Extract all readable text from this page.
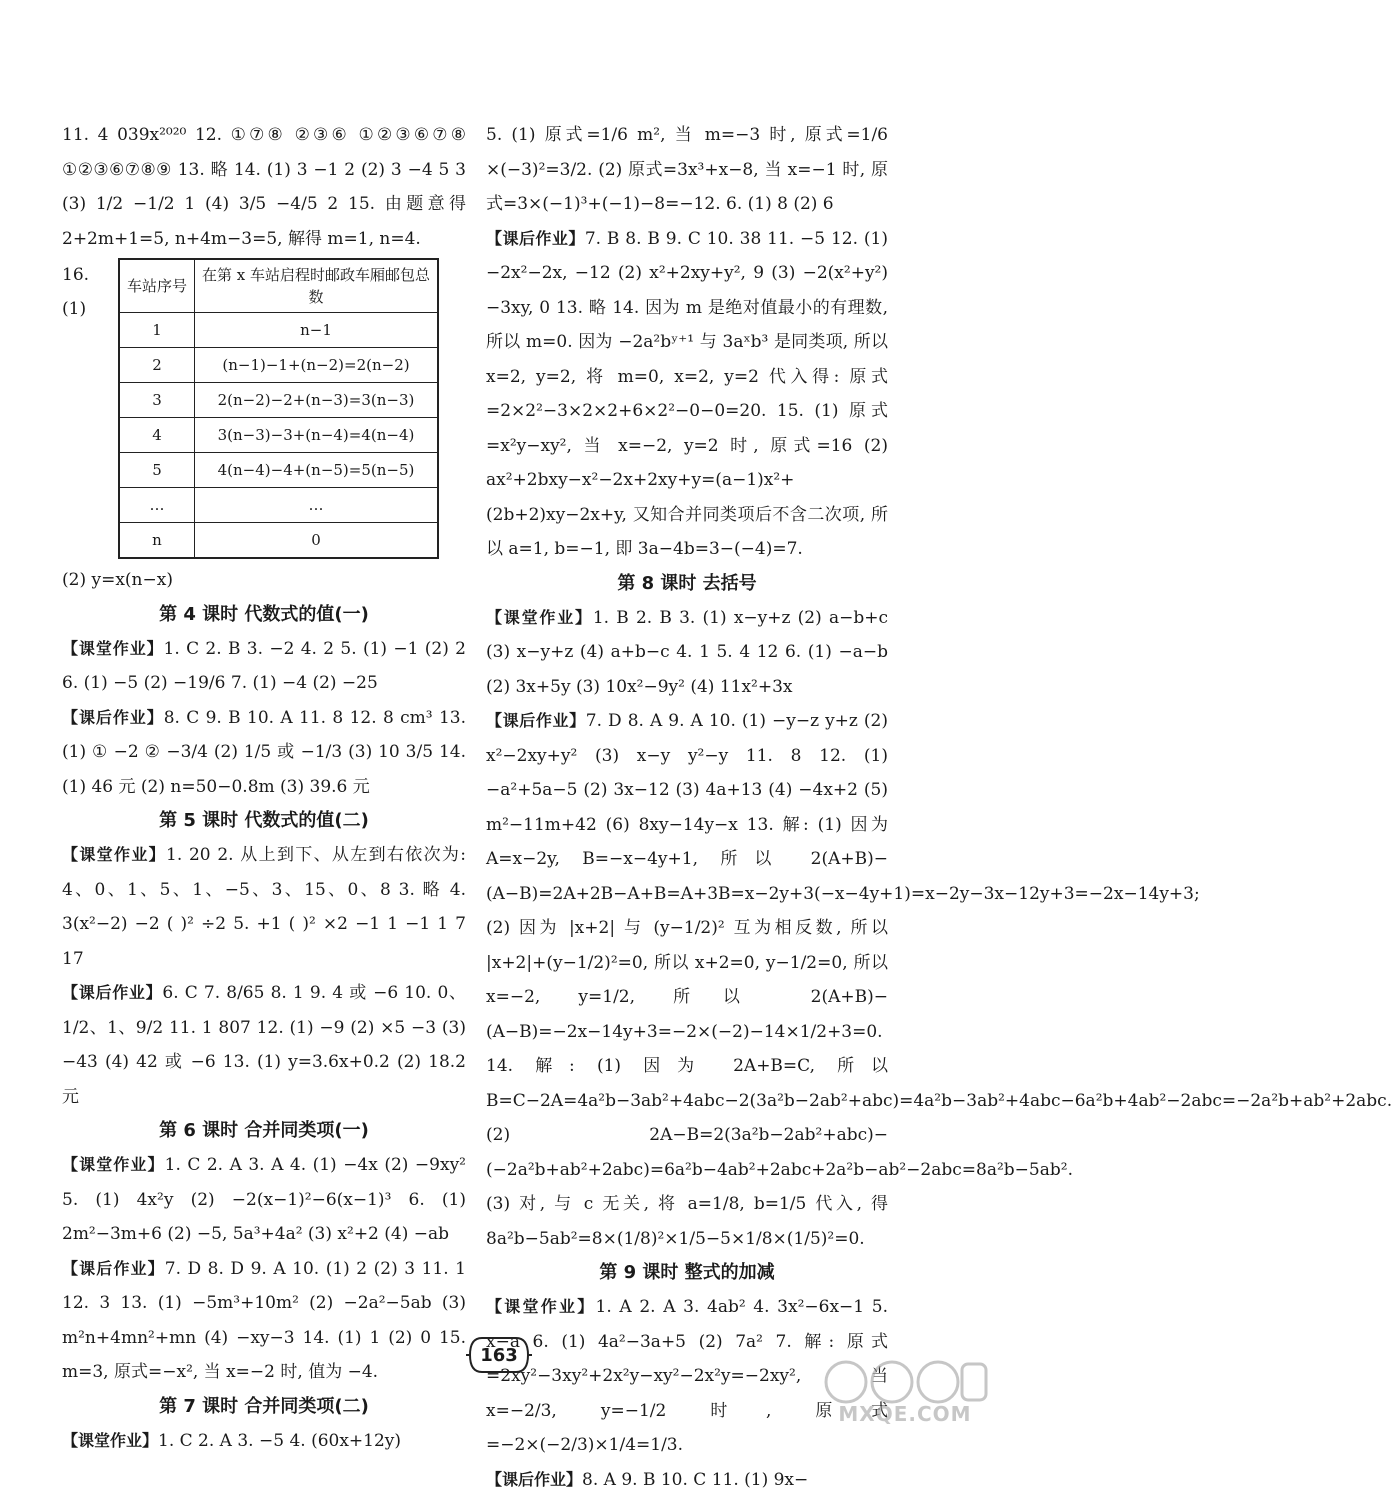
11. 4 039x²⁰²⁰ 12. ①⑦⑧ ②③⑥ ①②③⑥⑦⑧ ①②③⑥⑦⑧⑨ 13. 略 14. (1) 3 −1 2 (2) 3 −4 5 3 (3) 1/2 −1/2 1 (4) 3/5 −4/5 2 15. 由题意得 2+2m+1=5, n+4m−3=5, 解得 m=1, n=4.

16. (1)
车站序号	在第 x 车站启程时邮政车厢邮包总数
1	n−1
2	(n−1)−1+(n−2)=2(n−2)
3	2(n−2)−2+(n−3)=3(n−3)
4	3(n−3)−3+(n−4)=4(n−4)
5	4(n−4)−4+(n−5)=5(n−5)
…	…
n	0

(2) y=x(n−x)

第 4 课时 代数式的值(一)

【课堂作业】1. C 2. B 3. −2 4. 2 5. (1) −1 (2) 2 6. (1) −5 (2) −19/6 7. (1) −4 (2) −25

【课后作业】8. C 9. B 10. A 11. 8 12. 8 cm³ 13. (1) ① −2 ② −3/4 (2) 1/5 或 −1/3 (3) 10 3/5 14. (1) 46 元 (2) n=50−0.8m (3) 39.6 元

第 5 课时 代数式的值(二)

【课堂作业】1. 20 2. 从上到下、从左到右依次为: 4、0、1、5、1、−5、3、15、0、8 3. 略 4. 3(x²−2) −2 ( )² ÷2 5. +1 ( )² ×2 −1 1 −1 1 7 17

【课后作业】6. C 7. 8/65 8. 1 9. 4 或 −6 10. 0、1/2、1、9/2 11. 1 807 12. (1) −9 (2) ×5 −3 (3) −43 (4) 42 或 −6 13. (1) y=3.6x+0.2 (2) 18.2 元

第 6 课时 合并同类项(一)

【课堂作业】1. C 2. A 3. A 4. (1) −4x (2) −9xy² 5. (1) 4x²y (2) −2(x−1)²−6(x−1)³ 6. (1) 2m²−3m+6 (2) −5, 5a³+4a² (3) x²+2 (4) −ab

【课后作业】7. D 8. D 9. A 10. (1) 2 (2) 3 11. 1 12. 3 13. (1) −5m³+10m² (2) −2a²−5ab (3) m²n+4mn²+mn (4) −xy−3 14. (1) 1 (2) 0 15. m=3, 原式=−x², 当 x=−2 时, 值为 −4.

第 7 课时 合并同类项(二)

【课堂作业】1. C 2. A 3. −5 4. (60x+12y)

5. (1) 原式=1/6 m², 当 m=−3 时, 原式=1/6 ×(−3)²=3/2. (2) 原式=3x³+x−8, 当 x=−1 时, 原式=3×(−1)³+(−1)−8=−12. 6. (1) 8 (2) 6

【课后作业】7. B 8. B 9. C 10. 38 11. −5 12. (1) −2x²−2x, −12 (2) x²+2xy+y², 9 (3) −2(x²+y²)−3xy, 0 13. 略 14. 因为 m 是绝对值最小的有理数, 所以 m=0. 因为 −2a²bʸ⁺¹ 与 3aˣb³ 是同类项, 所以 x=2, y=2, 将 m=0, x=2, y=2 代入得: 原式=2×2²−3×2×2+6×2²−0−0=20. 15. (1) 原式=x²y−xy², 当 x=−2, y=2 时, 原式=16 (2) ax²+2bxy−x²−2x+2xy+y=(a−1)x²+(2b+2)xy−2x+y, 又知合并同类项后不含二次项, 所以 a=1, b=−1, 即 3a−4b=3−(−4)=7.

第 8 课时 去括号

【课堂作业】1. B 2. B 3. (1) x−y+z (2) a−b+c (3) x−y+z (4) a+b−c 4. 1 5. 4 12 6. (1) −a−b (2) 3x+5y (3) 10x²−9y² (4) 11x²+3x

【课后作业】7. D 8. A 9. A 10. (1) −y−z y+z (2) x²−2xy+y² (3) x−y y²−y 11. 8 12. (1) −a²+5a−5 (2) 3x−12 (3) 4a+13 (4) −4x+2 (5) m²−11m+42 (6) 8xy−14y−x 13. 解: (1) 因为 A=x−2y, B=−x−4y+1, 所以 2(A+B)−(A−B)=2A+2B−A+B=A+3B=x−2y+3(−x−4y+1)=x−2y−3x−12y+3=−2x−14y+3; (2) 因为 |x+2| 与 (y−1/2)² 互为相反数, 所以 |x+2|+(y−1/2)²=0, 所以 x+2=0, y−1/2=0, 所以 x=−2, y=1/2, 所以 2(A+B)−(A−B)=−2x−14y+3=−2×(−2)−14×1/2+3=0. 14. 解: (1) 因为 2A+B=C, 所以 B=C−2A=4a²b−3ab²+4abc−2(3a²b−2ab²+abc)=4a²b−3ab²+4abc−6a²b+4ab²−2abc=−2a²b+ab²+2abc. (2) 2A−B=2(3a²b−2ab²+abc)−(−2a²b+ab²+2abc)=6a²b−4ab²+2abc+2a²b−ab²−2abc=8a²b−5ab². (3) 对, 与 c 无关, 将 a=1/8, b=1/5 代入, 得 8a²b−5ab²=8×(1/8)²×1/5−5×1/8×(1/5)²=0.

第 9 课时 整式的加减

【课堂作业】1. A 2. A 3. 4ab² 4. 3x²−6x−1 5. x−a 6. (1) 4a²−3a+5 (2) 7a² 7. 解: 原式=2xy²−3xy²+2x²y−xy²−2x²y=−2xy², 当 x=−2/3, y=−1/2 时, 原式=−2×(−2/3)×1/4=1/3.

【课后作业】8. A 9. B 10. C 11. (1) 9x−

163
MXQE.COM
